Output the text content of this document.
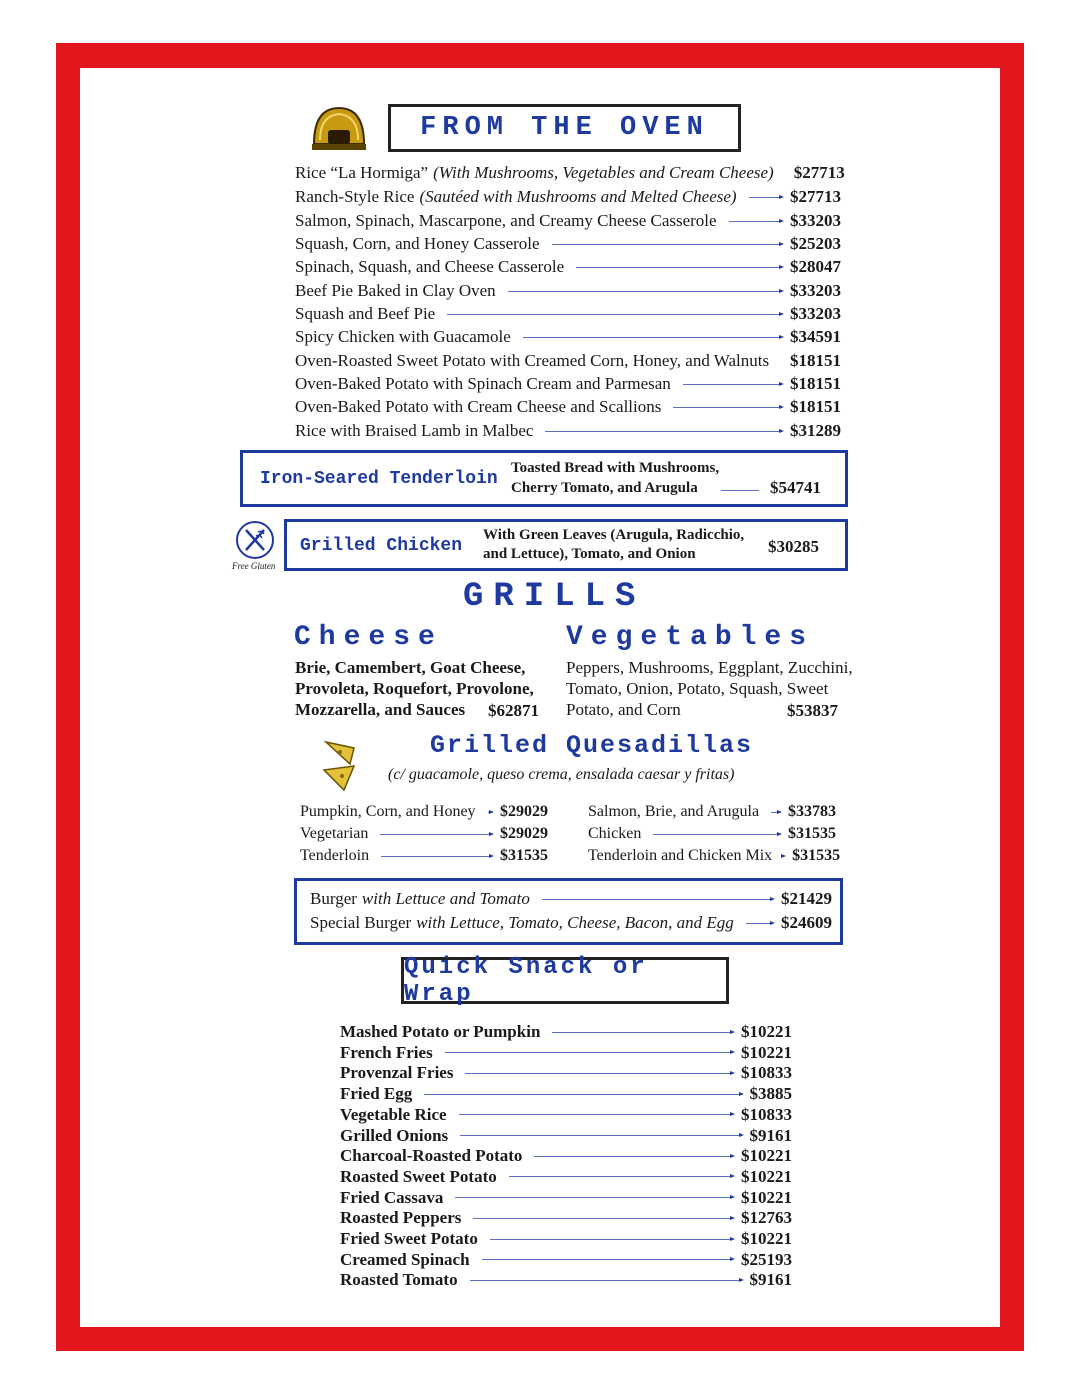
FROM THE OVEN
Rice “La Hormiga” (With Mushrooms, Vegetables and Cream Cheese) $27713
Ranch-Style Rice (Sautéed with Mushrooms and Melted Cheese)	$27713
Salmon, Spinach, Mascarpone, and Creamy Cheese Casserole	$33203
Squash, Corn, and Honey Casserole	$25203
Spinach, Squash, and Cheese Casserole	$28047
Beef Pie Baked in Clay Oven	$33203
Squash and Beef Pie	$33203
Spicy Chicken with Guacamole	$34591
Oven-Roasted Sweet Potato with Creamed Corn, Honey, and Walnuts $18151
Oven-Baked Potato with Spinach Cream and Parmesan	$18151
Oven-Baked Potato with Cream Cheese and Scallions	$18151
Rice with Braised Lamb in Malbec	$31289
Iron-Seared Tenderloin
Toasted Bread with Mushrooms,
Cherry Tomato, and Arugula	$54741
Free Gluten
Grilled Chicken
With Green Leaves (Arugula, Radicchio,
and Lettuce), Tomato, and Onion	$30285
GRILLS
Cheese
Brie, Camembert, Goat Cheese,
Provoleta, Roquefort, Provolone,
Mozzarella, and Sauces $62871
Vegetables
Peppers, Mushrooms, Eggplant, Zucchini,
Tomato, Onion, Potato, Squash, Sweet
Potato, and Corn	$53837
Grilled Quesadillas
(c/ guacamole, queso crema, ensalada caesar y fritas)
Pumpkin, Corn, and Honey $29029
Vegetarian	$29029
Tenderloin	$31535
Salmon, Brie, and Arugula $33783
Chicken	$31535
Tenderloin and Chicken Mix $31535
Burger with Lettuce and Tomato	$21429
Special Burger with Lettuce, Tomato, Cheese, Bacon, and Egg	$24609
Quick Snack or Wrap
Mashed Potato or Pumpkin	$10221
French Fries	$10221
Provenzal Fries	$10833
Fried Egg	$3885
Vegetable Rice	$10833
Grilled Onions	$9161
Charcoal-Roasted Potato	$10221
Roasted Sweet Potato	$10221
Fried Cassava	$10221
Roasted Peppers	$12763
Fried Sweet Potato	$10221
Creamed Spinach	$25193
Roasted Tomato	$9161
